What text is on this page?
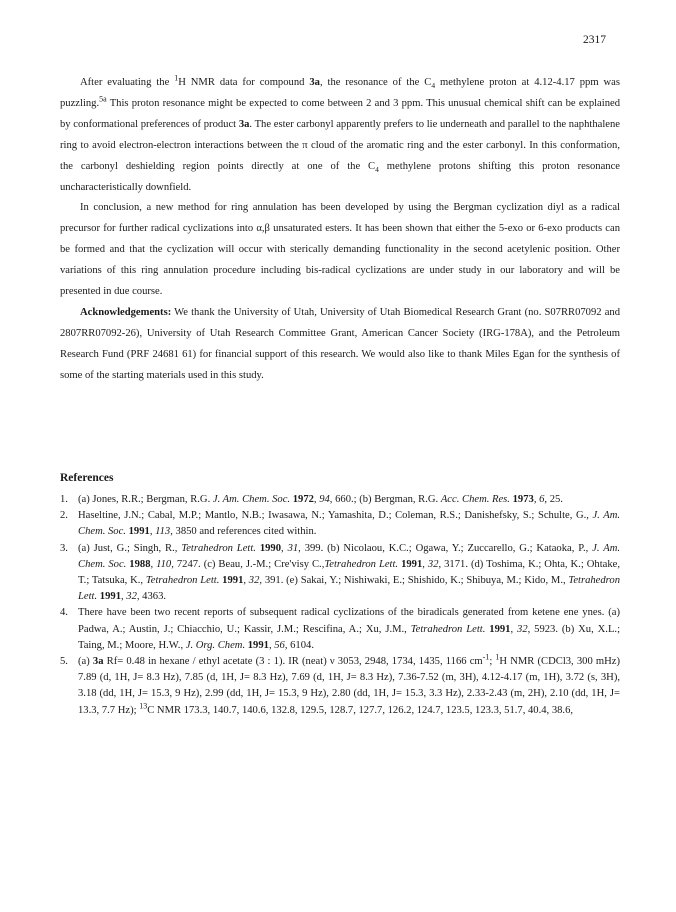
2317

After evaluating the $^1$H NMR data for compound 3a, the resonance of the $C_4$ methylene proton at 4.12-4.17 ppm was puzzling.$^{5a}$ This proton resonance might be expected to come between 2 and 3 ppm. This unusual chemical shift can be explained by conformational preferences of product 3a. The ester carbonyl apparently prefers to lie underneath and parallel to the naphthalene ring to avoid electron-electron interactions between the π cloud of the aromatic ring and the ester carbonyl. In this conformation, the carbonyl deshielding region points directly at one of the $C_4$ methylene protons shifting this proton resonance uncharacteristically downfield.

In conclusion, a new method for ring annulation has been developed by using the Bergman cyclization diyl as a radical precursor for further radical cyclizations into α,β unsaturated esters. It has been shown that either the 5-exo or 6-exo products can be formed and that the cyclization will occur with sterically demanding functionality in the second acetylenic position. Other variations of this ring annulation procedure including bis-radical cyclizations are under study in our laboratory and will be presented in due course.

Acknowledgements: We thank the University of Utah, University of Utah Biomedical Research Grant (no. S07RR07092 and 2807RR07092-26), University of Utah Research Committee Grant, American Cancer Society (IRG-178A), and the Petroleum Research Fund (PRF 24681 61) for financial support of this research. We would also like to thank Miles Egan for the synthesis of some of the starting materials used in this study.

References
1. (a) Jones, R.R.; Bergman, R.G. J. Am. Chem. Soc. 1972, 94, 660.; (b) Bergman, R.G. Acc. Chem. Res. 1973, 6, 25.
2. Haseltine, J.N.; Cabal, M.P.; Mantlo, N.B.; Iwasawa, N.; Yamashita, D.; Coleman, R.S.; Danishefsky, S.; Schulte, G., J. Am. Chem. Soc. 1991, 113, 3850 and references cited within.
3. (a) Just, G.; Singh, R., Tetrahedron Lett. 1990, 31, 399. (b) Nicolaou, K.C.; Ogawa, Y.; Zuccarello, G.; Kataoka, P., J. Am. Chem. Soc. 1988, 110, 7247. (c) Beau, J.-M.; Cre'visy C.,Tetrahedron Lett. 1991, 32, 3171. (d) Toshima, K.; Ohta, K.; Ohtake, T.; Tatsuka, K., Tetrahedron Lett. 1991, 32, 391. (e) Sakai, Y.; Nishiwaki, E.; Shishido, K.; Shibuya, M.; Kido, M., Tetrahedron Lett. 1991, 32, 4363.
4. There have been two recent reports of subsequent radical cyclizations of the biradicals generated from ketene ene ynes. (a) Padwa, A.; Austin, J.; Chiacchio, U.; Kassir, J.M.; Rescifina, A.; Xu, J.M., Tetrahedron Lett. 1991, 32, 5923. (b) Xu, X.L.; Taing, M.; Moore, H.W., J. Org. Chem. 1991, 56, 6104.
5. (a) 3a Rf= 0.48 in hexane / ethyl acetate (3 : 1). IR (neat) ν 3053, 2948, 1734, 1435, 1166 $cm^{-1}$; $^1$H NMR (CDCl3, 300 mHz) 7.89 (d, 1H, J= 8.3 Hz), 7.85 (d, 1H, J= 8.3 Hz), 7.69 (d, 1H, J= 8.3 Hz), 7.36-7.52 (m, 3H), 4.12-4.17 (m, 1H), 3.72 (s, 3H), 3.18 (dd, 1H, J= 15.3, 9 Hz), 2.99 (dd, 1H, J= 15.3, 9 Hz), 2.80 (dd, 1H, J= 15.3, 3.3 Hz), 2.33-2.43 (m, 2H), 2.10 (dd, 1H, J= 13.3, 7.7 Hz); $^{13}$C NMR 173.3, 140.7, 140.6, 132.8, 129.5, 128.7, 127.7, 126.2, 124.7, 123.5, 123.3, 51.7, 40.4, 38.6,
